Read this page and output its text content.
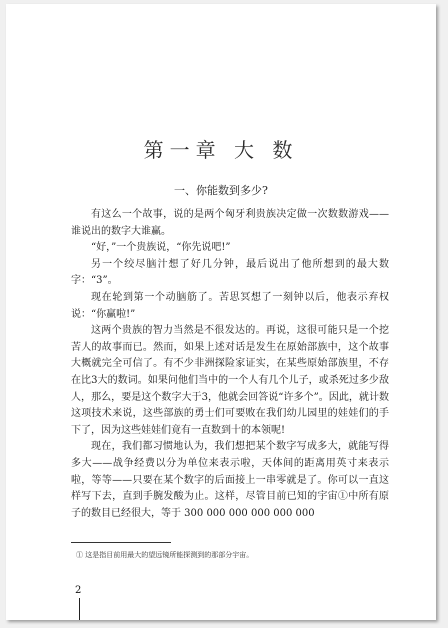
第一章 大 数
一、你能数到多少?

有这么一个故事，说的是两个匈牙利贵族决定做一次数数游戏——谁说出的数字大谁赢。

“好，”一个贵族说，“你先说吧!”

另一个绞尽脑汁想了好几分钟，最后说出了他所想到的最大数字：“3”。

现在轮到第一个动脑筋了。苦思冥想了一刻钟以后，他表示弃权说：“你赢啦!”

这两个贵族的智力当然是不很发达的。再说，这很可能只是一个挖苦人的故事而已。然而，如果上述对话是发生在原始部族中，这个故事大概就完全可信了。有不少非洲探险家证实，在某些原始部族里，不存在比3大的数词。如果问他们当中的一个人有几个儿子，或杀死过多少敌人，那么，要是这个数字大于3，他就会回答说“许多个”。因此，就计数这项技术来说，这些部族的勇士们可要败在我们幼儿园里的娃娃们的手下了，因为这些娃娃们竟有一直数到十的本领呢!

现在，我们都习惯地认为，我们想把某个数字写成多大，就能写得多大——战争经费以分为单位来表示啦，天体间的距离用英寸来表示啦，等等——只要在某个数字的后面接上一串零就是了。你可以一直这样写下去，直到手腕发酸为止。这样，尽管目前已知的宇宙①中所有原子的数目已经很大，等于 300 000 000 000 000 000

① 这是指目前用最大的望远镜所能探测到的那部分宇宙。
2
